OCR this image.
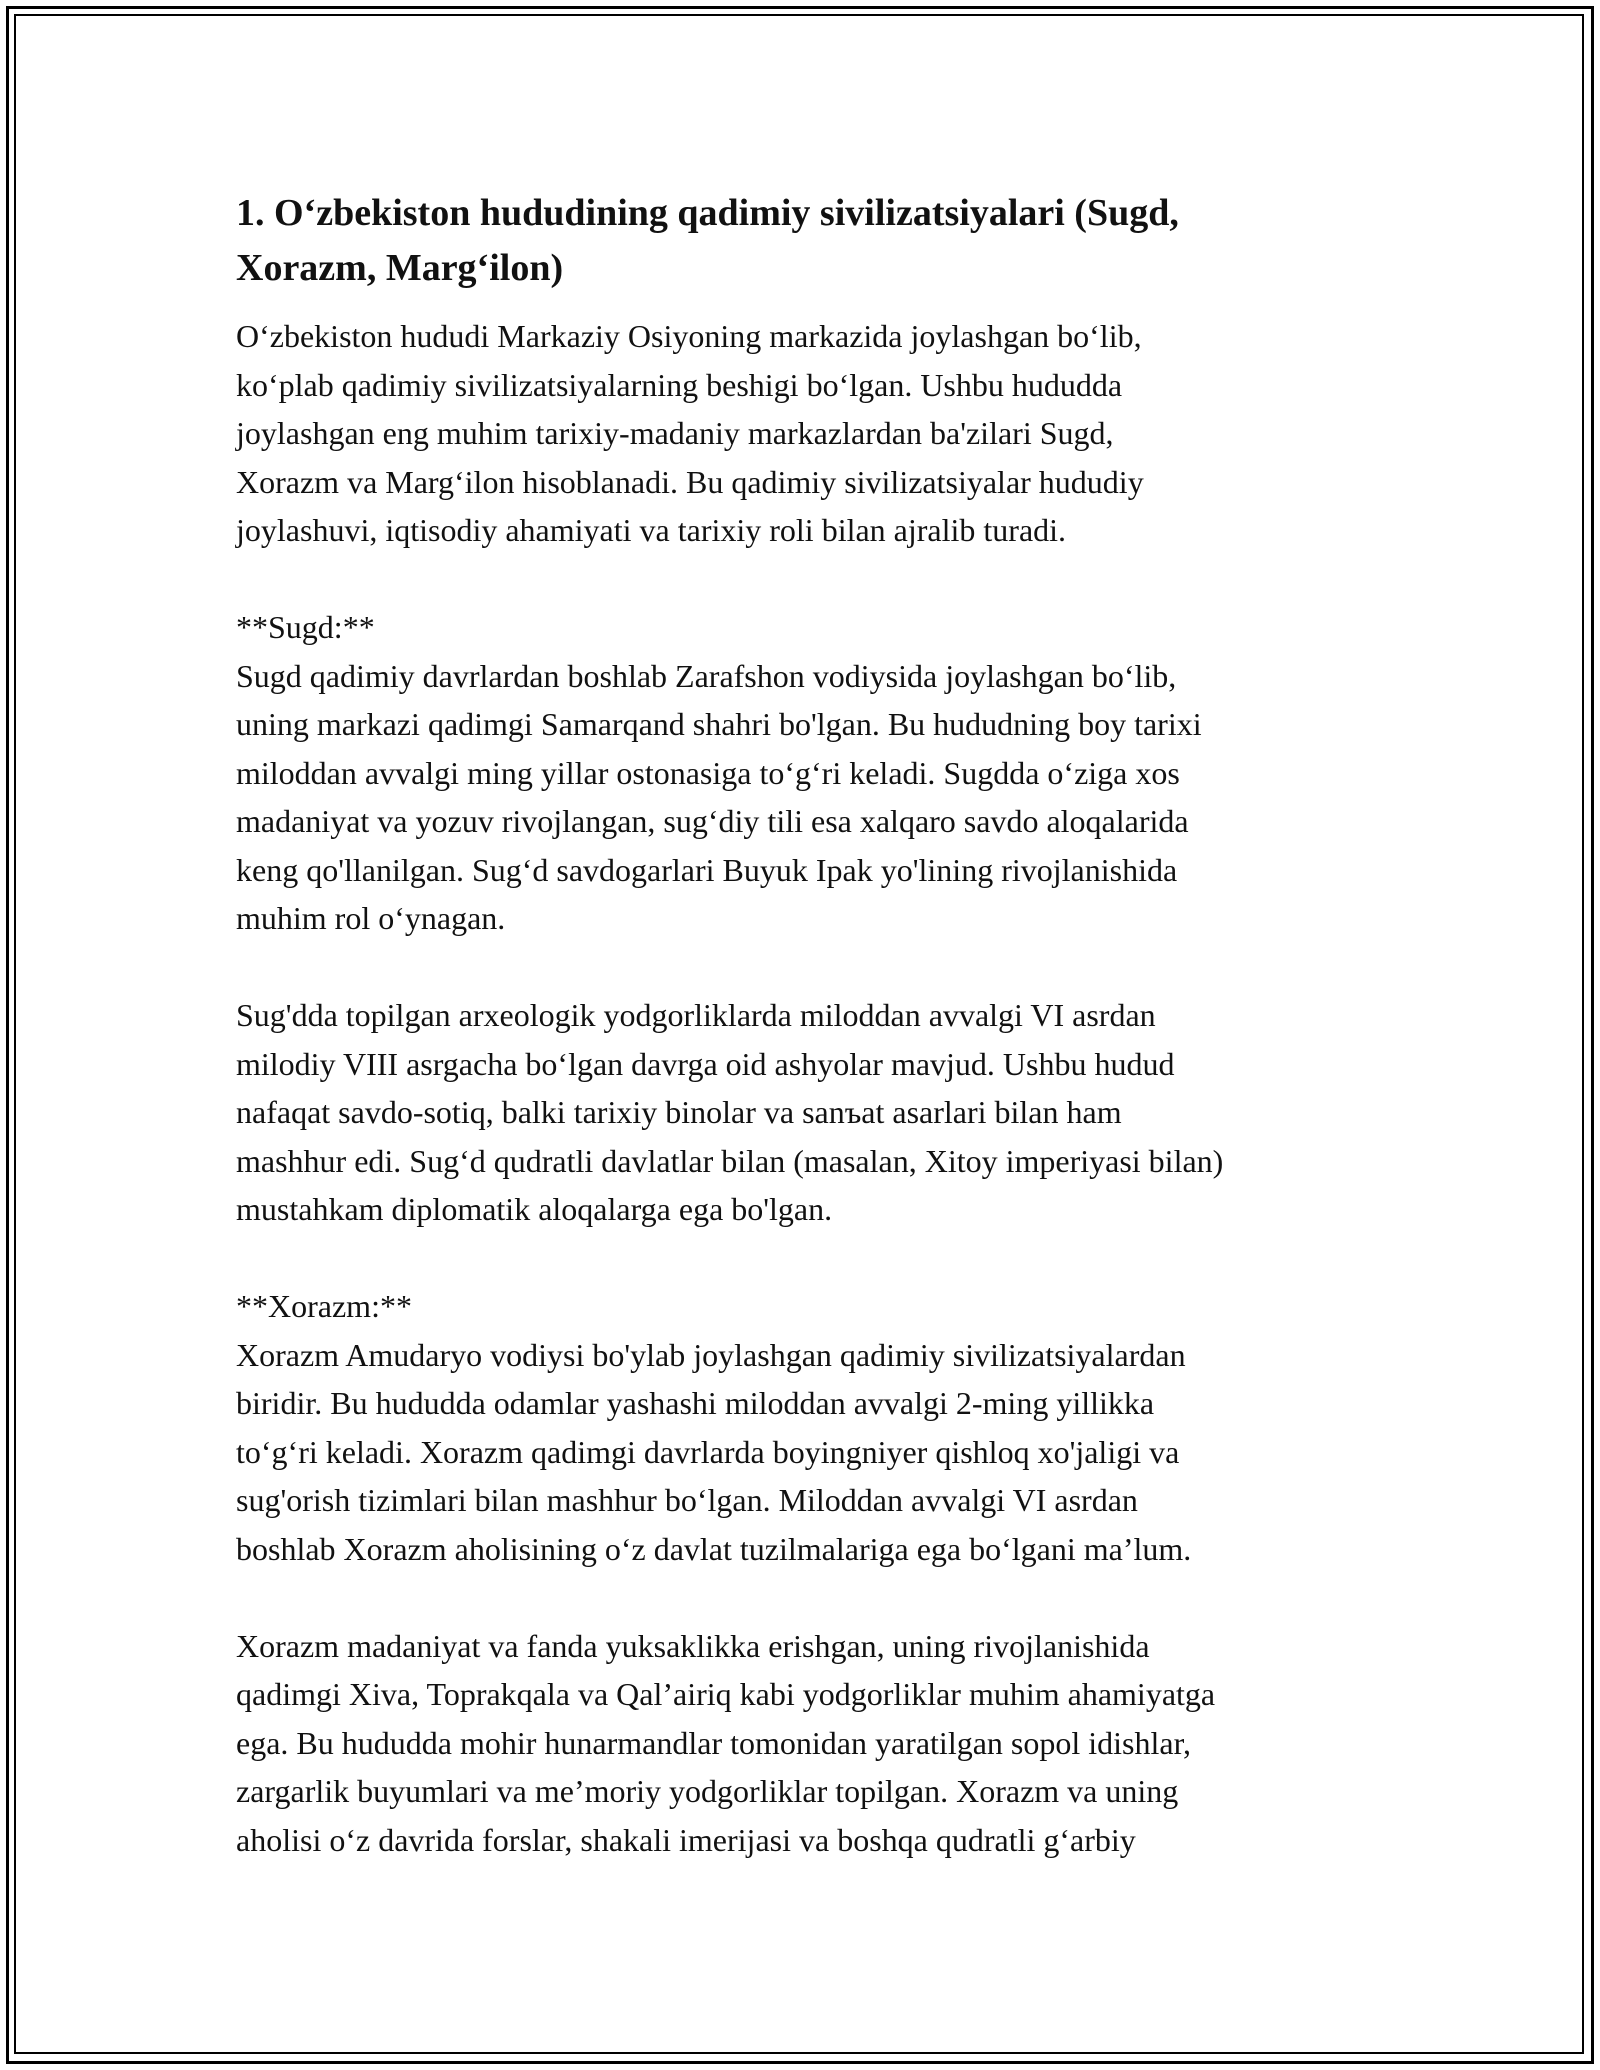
1. O‘zbekiston hududining qadimiy sivilizatsiyalari (Sugd,
Xorazm, Marg‘ilon)

O‘zbekiston hududi Markaziy Osiyoning markazida joylashgan bo‘lib,
ko‘plab qadimiy sivilizatsiyalarning beshigi bo‘lgan. Ushbu hududda
joylashgan eng muhim tarixiy-madaniy markazlardan ba'zilari Sugd,
Xorazm va Marg‘ilon hisoblanadi. Bu qadimiy sivilizatsiyalar hududiy
joylashuvi, iqtisodiy ahamiyati va tarixiy roli bilan ajralib turadi.

**Sugd:**
Sugd qadimiy davrlardan boshlab Zarafshon vodiysida joylashgan bo‘lib,
uning markazi qadimgi Samarqand shahri bo'lgan. Bu hududning boy tarixi
miloddan avvalgi ming yillar ostonasiga to‘g‘ri keladi. Sugdda o‘ziga xos
madaniyat va yozuv rivojlangan, sug‘diy tili esa xalqaro savdo aloqalarida
keng qo'llanilgan. Sug‘d savdogarlari Buyuk Ipak yo'lining rivojlanishida
muhim rol o‘ynagan.

Sug'dda topilgan arxeologik yodgorliklarda miloddan avvalgi VI asrdan
milodiy VIII asrgacha bo‘lgan davrga oid ashyolar mavjud. Ushbu hudud
nafaqat savdo-sotiq, balki tarixiy binolar va sanъat asarlari bilan ham
mashhur edi. Sug‘d qudratli davlatlar bilan (masalan, Xitoy imperiyasi bilan)
mustahkam diplomatik aloqalarga ega bo'lgan.

**Xorazm:**
Xorazm Amudaryo vodiysi bo'ylab joylashgan qadimiy sivilizatsiyalardan
biridir. Bu hududda odamlar yashashi miloddan avvalgi 2-ming yillikka
to‘g‘ri keladi. Xorazm qadimgi davrlarda boyingniyer qishloq xo'jaligi va
sug'orish tizimlari bilan mashhur bo‘lgan. Miloddan avvalgi VI asrdan
boshlab Xorazm aholisining o‘z davlat tuzilmalariga ega bo‘lgani ma’lum.

Xorazm madaniyat va fanda yuksaklikka erishgan, uning rivojlanishida
qadimgi Xiva, Toprakqala va Qal’airiq kabi yodgorliklar muhim ahamiyatga
ega. Bu hududda mohir hunarmandlar tomonidan yaratilgan sopol idishlar,
zargarlik buyumlari va me’moriy yodgorliklar topilgan. Xorazm va uning
aholisi o‘z davrida forslar, shakali imerijasi va boshqa qudratli g‘arbiy
